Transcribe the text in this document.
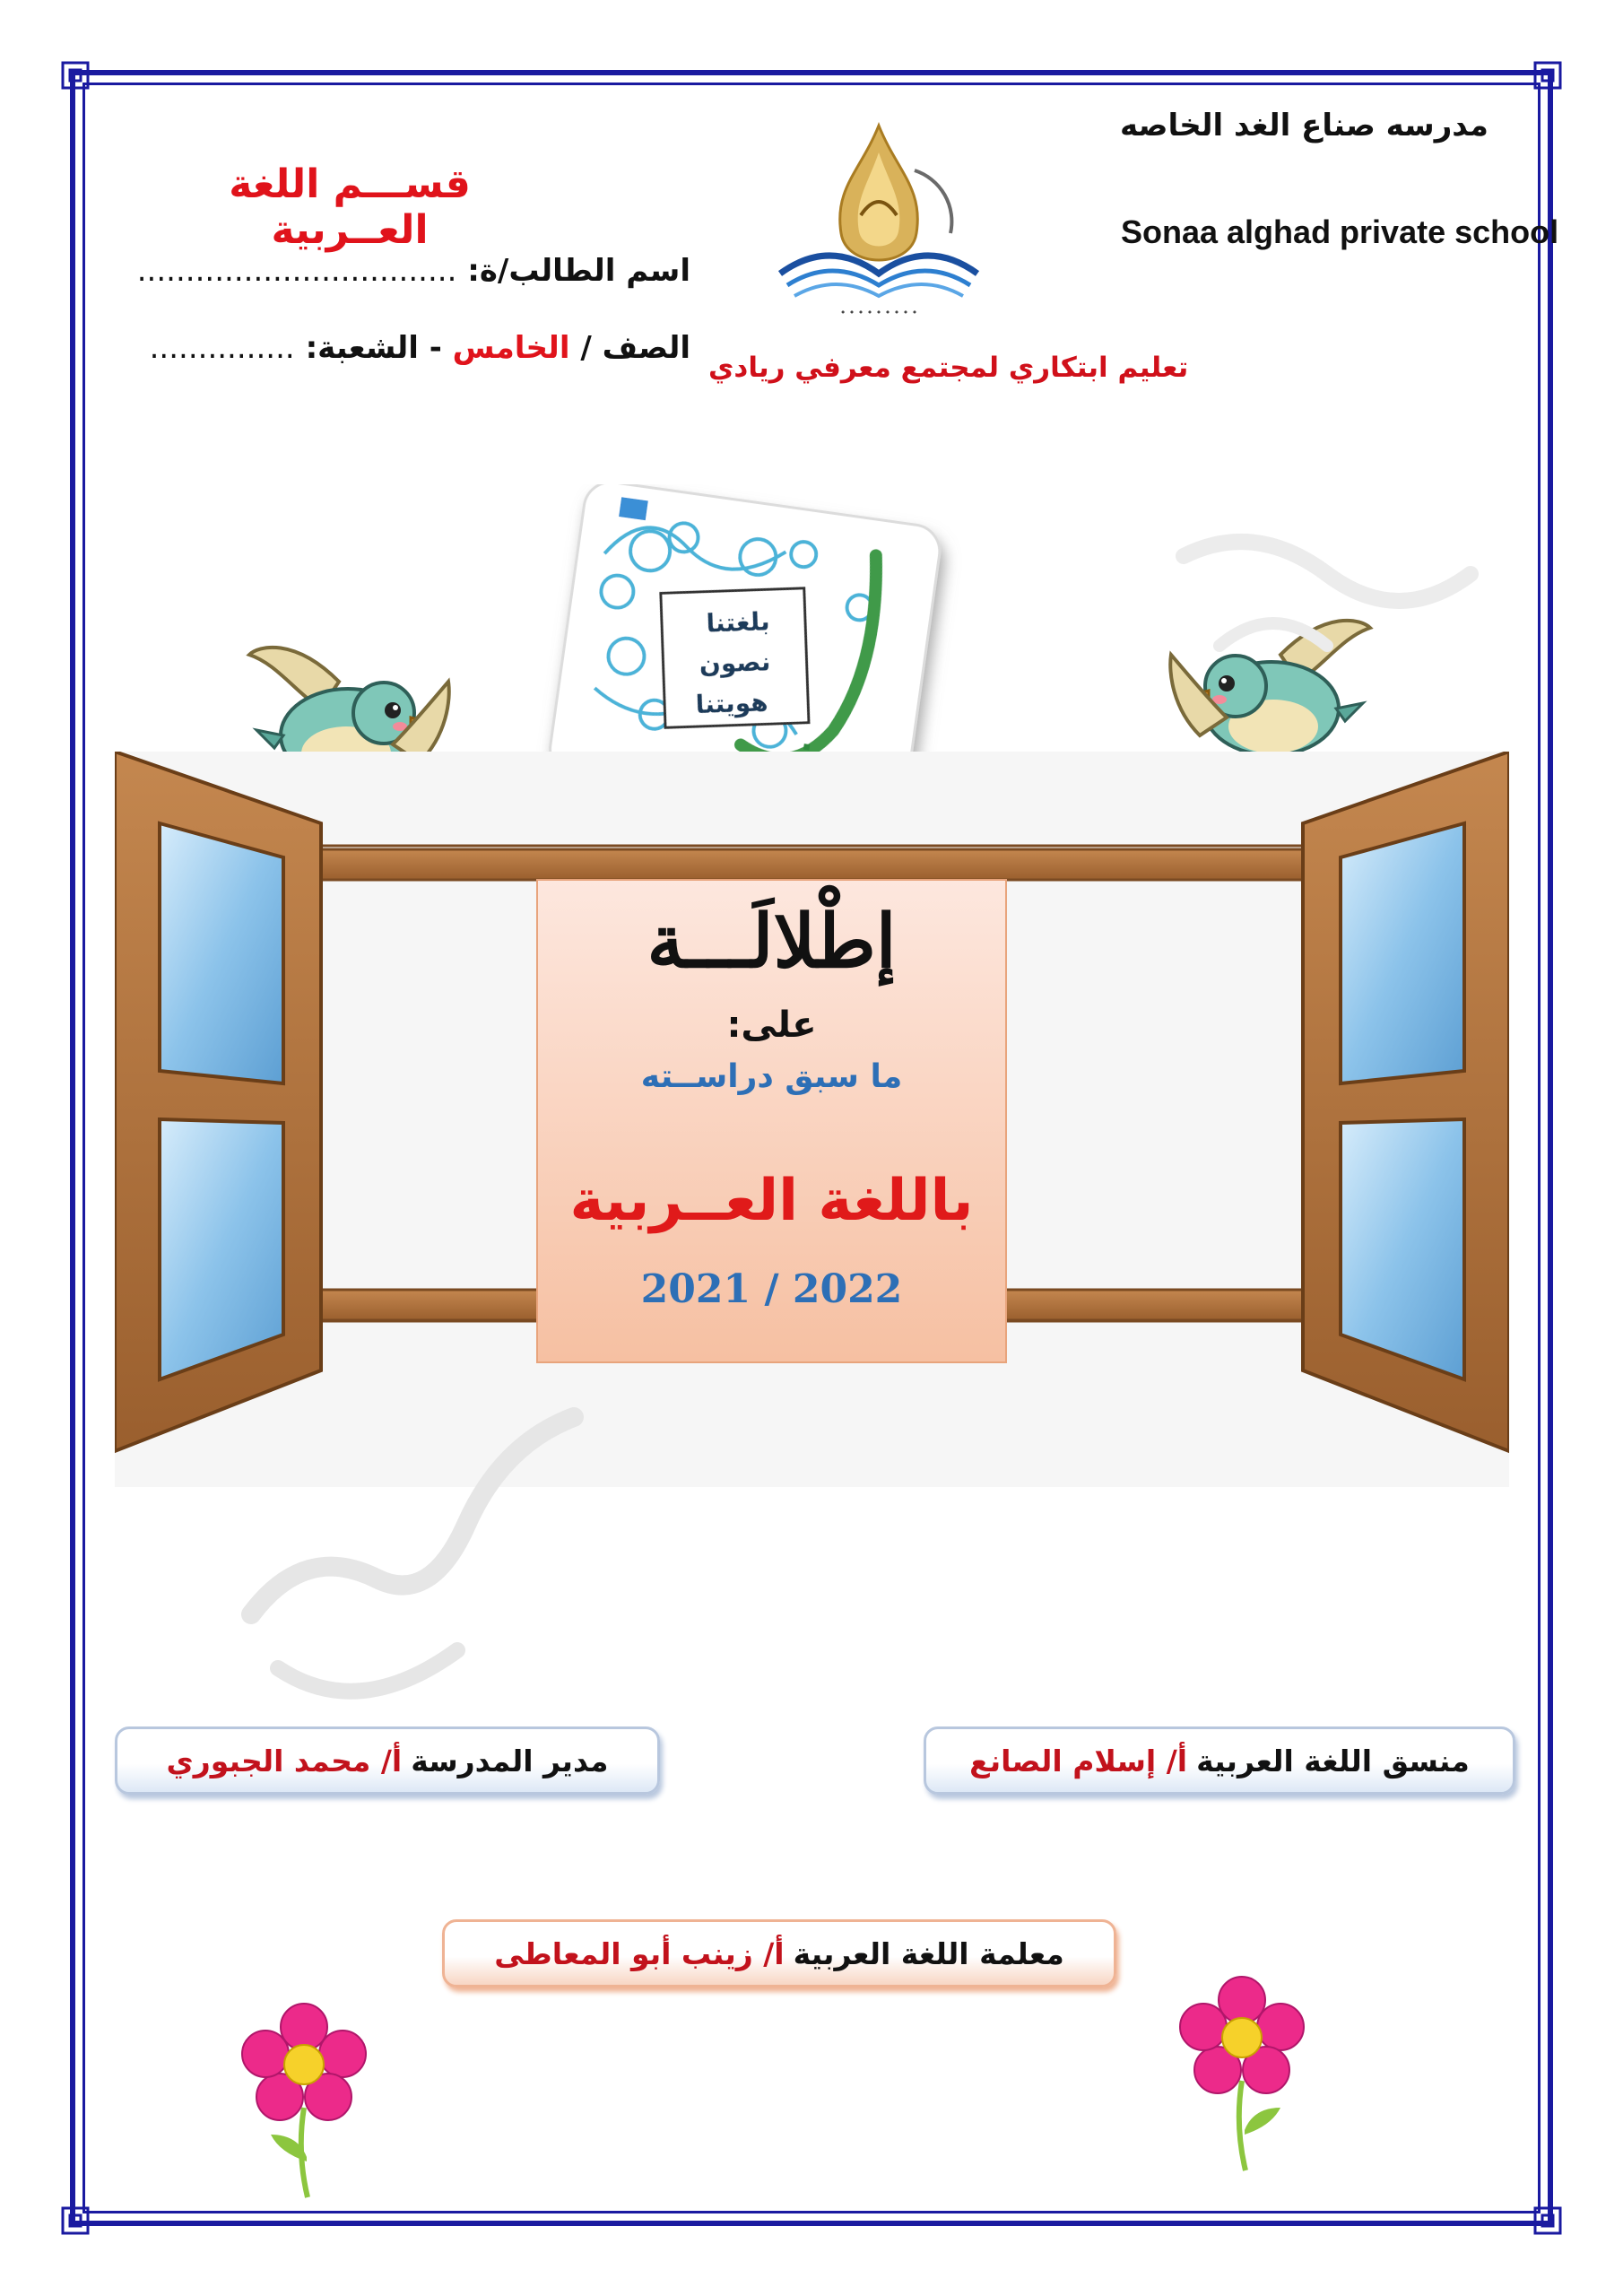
مدرسه صناع الغد الخاصه
Sonaa alghad private school
قســـم اللغة العــربية
اسم الطالب/ة: .................................
الصف / الخامس - الشعبة: ...............
• • • • • • • • •
تعليم ابتكاري لمجتمع معرفي ريادي
بلغتنا
نصون
هويتنا
إطْلالَـــة
على:
ما سبق دراســته
باللغة العــربية
2021 / 2022
مدير المدرسة
أ/ محمد الجبوري	منسق اللغة العربية
أ/ إسلام الصانع
معلمة اللغة العربية
أ/ زينب أبو المعاطى
